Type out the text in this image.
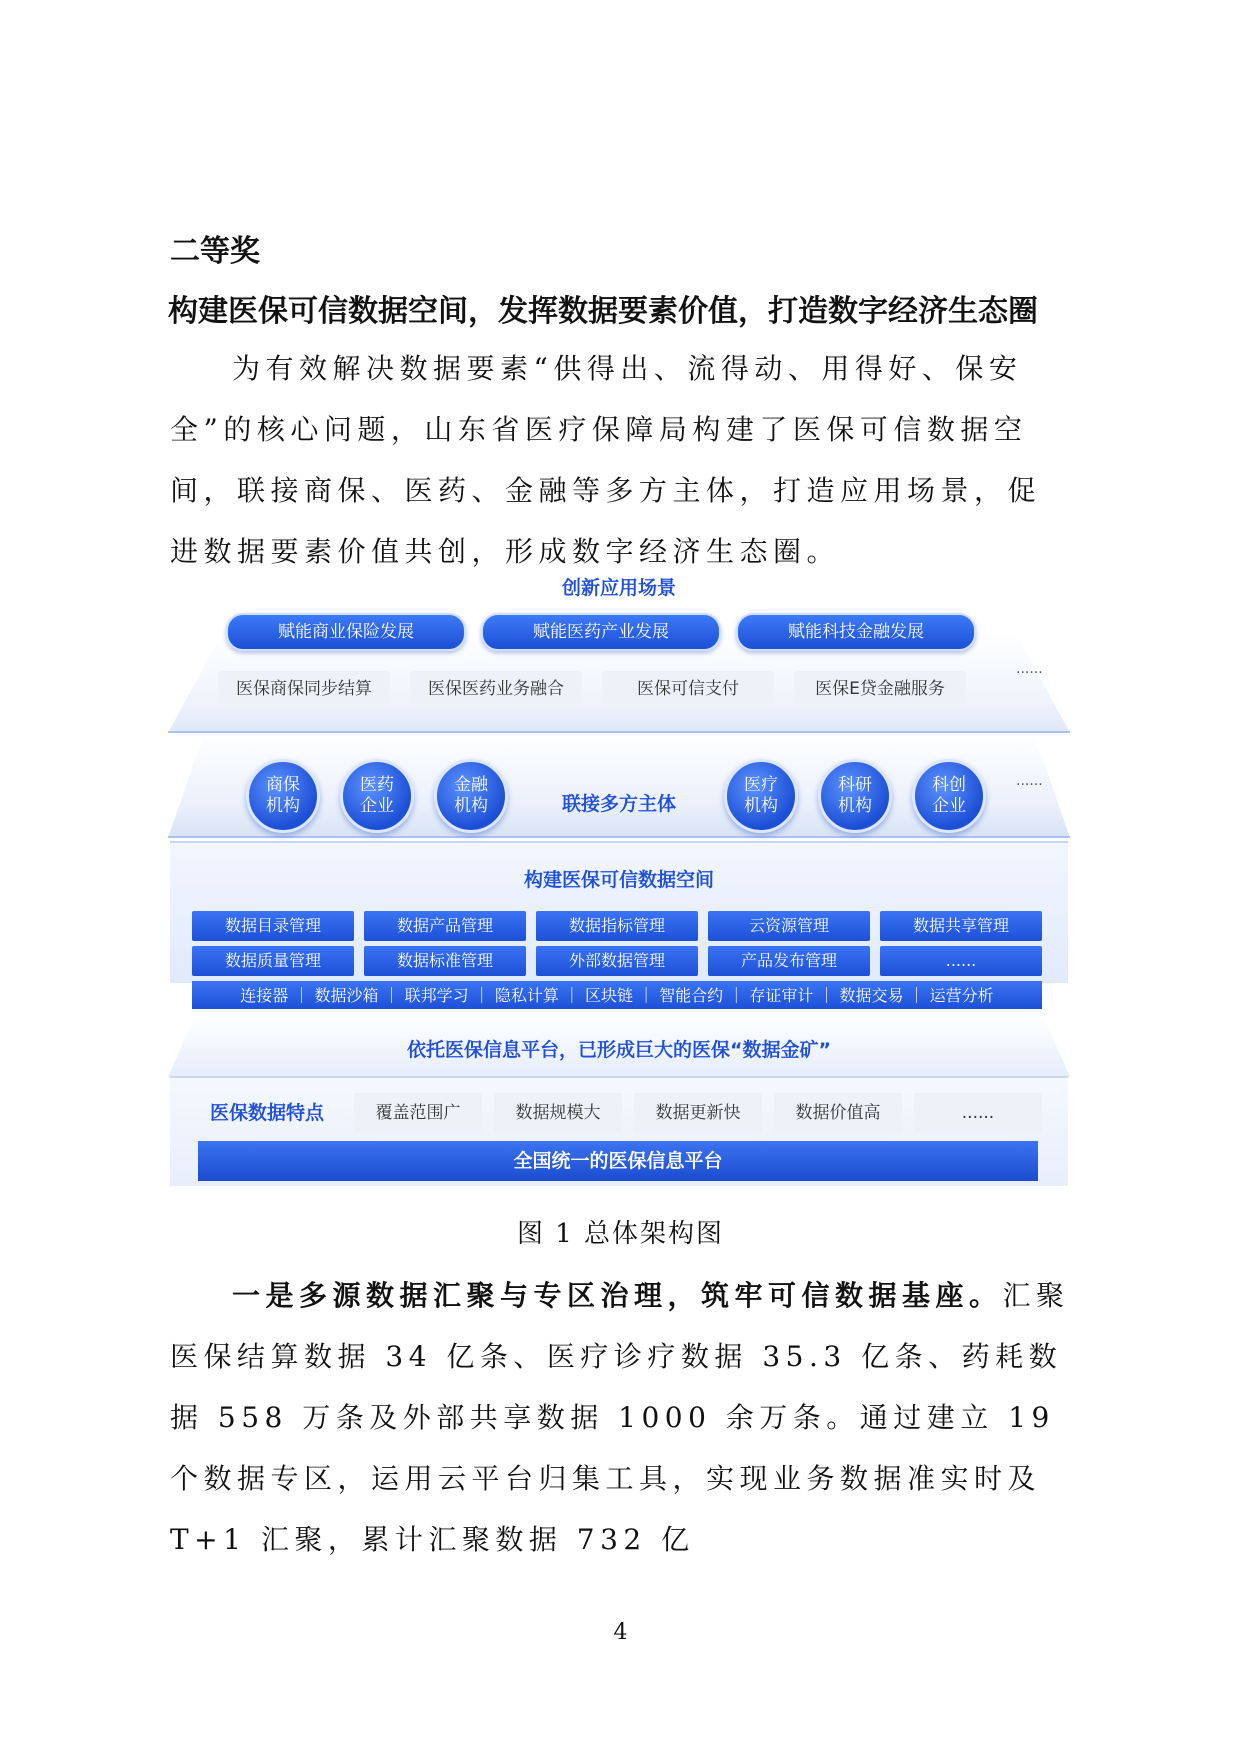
二等奖
构建医保可信数据空间，发挥数据要素价值，打造数字经济生态圈
为有效解决数据要素“供得出、流得动、用得好、保安全”的核心问题，山东省医疗保障局构建了医保可信数据空间，联接商保、医药、金融等多方主体，打造应用场景，促进数据要素价值共创，形成数字经济生态圈。
创新应用场景
赋能商业保险发展	赋能医药产业发展	赋能科技金融发展
医保商保同步结算	医保医药业务融合	医保可信支付	医保E贷金融服务
......
商保
机构
医药
企业
金融
机构	联接多方主体
医疗
机构
科研
机构
科创
企业
......
构建医保可信数据空间
数据目录管理	数据产品管理	数据指标管理	云资源管理	数据共享管理
数据质量管理	数据标准管理	外部数据管理	产品发布管理	......
连接器 ｜ 数据沙箱 ｜ 联邦学习 ｜ 隐私计算 ｜ 区块链 ｜ 智能合约 ｜ 存证审计 ｜ 数据交易 ｜ 运营分析
依托医保信息平台，已形成巨大的医保“数据金矿”
医保数据特点	覆盖范围广	数据规模大	数据更新快	数据价值高	......
全国统一的医保信息平台
图 1 总体架构图
一是多源数据汇聚与专区治理，筑牢可信数据基座。汇聚医保结算数据 34 亿条、医疗诊疗数据 35.3 亿条、药耗数据 558 万条及外部共享数据 1000 余万条。通过建立 19 个数据专区，运用云平台归集工具，实现业务数据准实时及 T+1 汇聚，累计汇聚数据 732 亿
4
